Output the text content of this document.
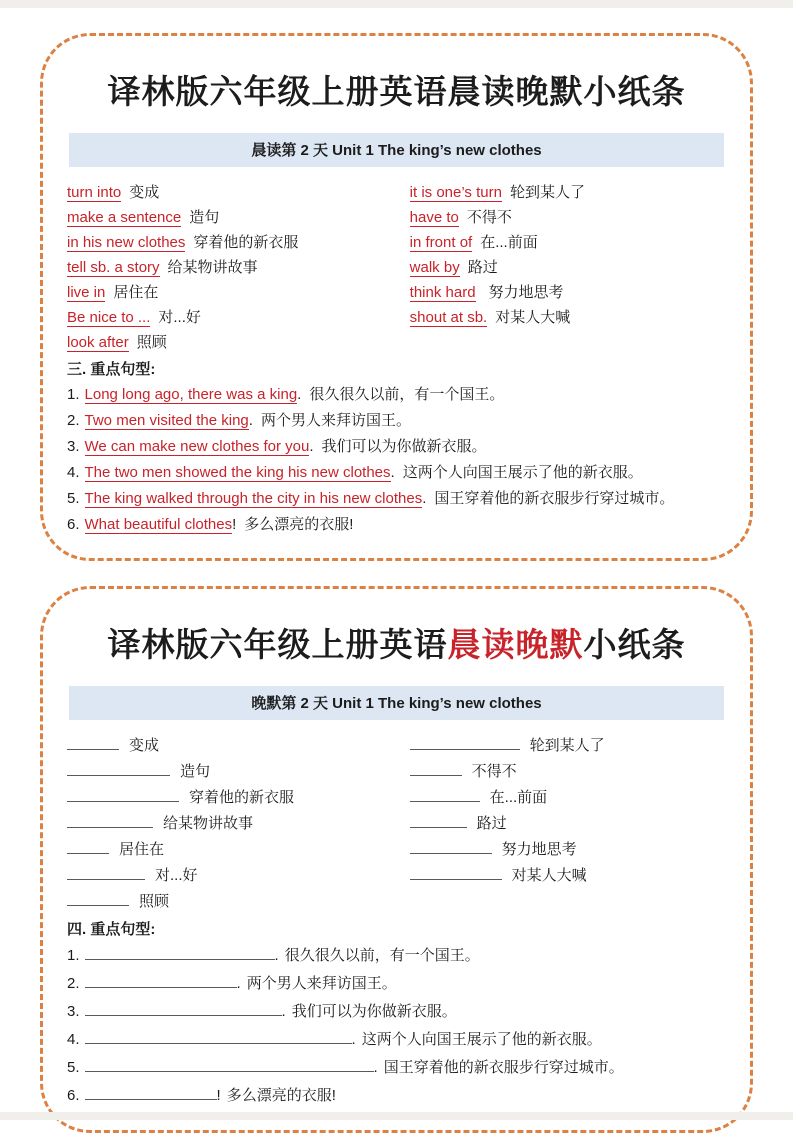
译林版六年级上册英语晨读晚默小纸条
晨读第 2 天 Unit 1 The king’s new clothes
turn into 变成
make a sentence 造句
in his new clothes 穿着他的新衣服
tell sb. a story 给某物讲故事
live in 居住在
Be nice to ... 对...好
look after 照顾
it is one’s turn 轮到某人了
have to 不得不
in front of 在...前面
walk by 路过
think hard 努力地思考
shout at sb. 对某人大喊
三. 重点句型:
1. Long long ago, there was a king. 很久很久以前，有一个国王。
2. Two men visited the king. 两个男人来拜访国王。
3. We can make new clothes for you. 我们可以为你做新衣服。
4. The two men showed the king his new clothes. 这两个人向国王展示了他的新衣服。
5. The king walked through the city in his new clothes. 国王穿着他的新衣服步行穿过城市。
6. What beautiful clothes! 多么漂亮的衣服!
译林版六年级上册英语晨读晚默小纸条
晚默第 2 天 Unit 1 The king’s new clothes
变成
造句
穿着他的新衣服
给某物讲故事
居住在
对...好
照顾
轮到某人了
不得不
在...前面
路过
努力地思考
对某人大喊
四. 重点句型:
1.	. 很久很久以前，有一个国王。
2.	. 两个男人来拜访国王。
3.	. 我们可以为你做新衣服。
4.	. 这两个人向国王展示了他的新衣服。
5.	. 国王穿着他的新衣服步行穿过城市。
6.	! 多么漂亮的衣服!
